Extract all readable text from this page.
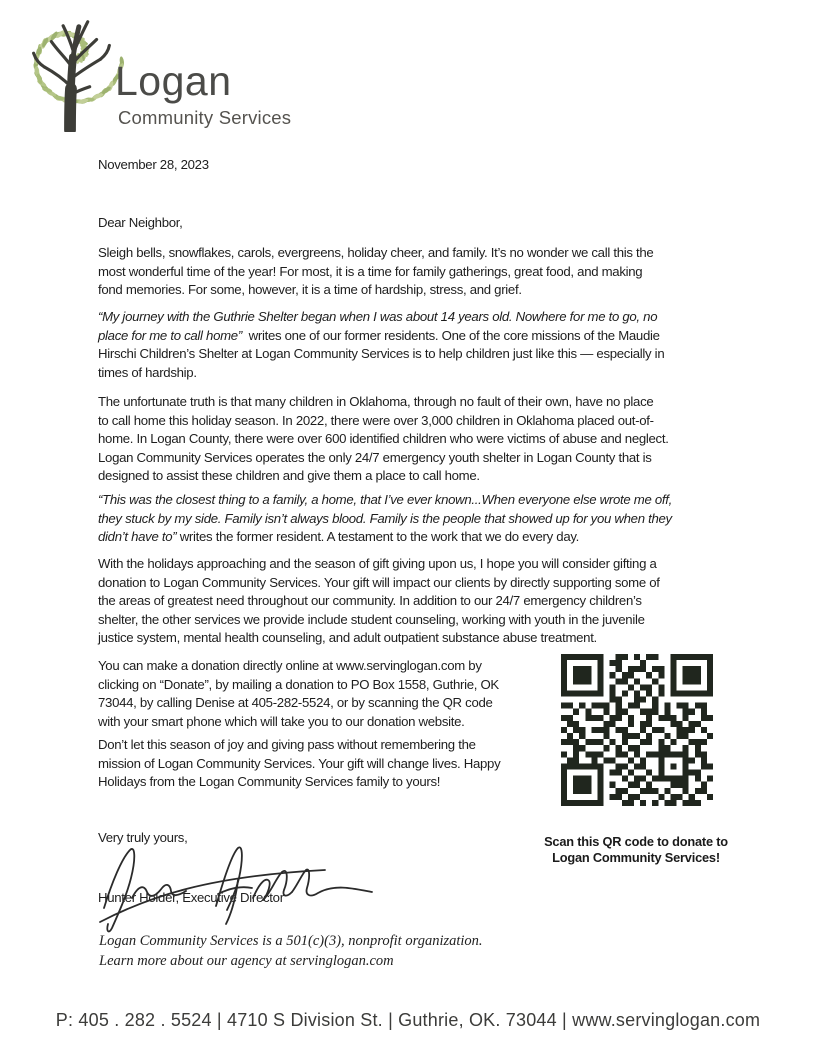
Logan
Community Services
November 28, 2023
Dear Neighbor,
Sleigh bells, snowflakes, carols, evergreens, holiday cheer, and family. It’s no wonder we call this the
most wonderful time of the year! For most, it is a time for family gatherings, great food, and making
fond memories. For some, however, it is a time of hardship, stress, and grief.
“My journey with the Guthrie Shelter began when I was about 14 years old. Nowhere for me to go, no
place for me to call home”  writes one of our former residents. One of the core missions of the Maudie
Hirschi Children’s Shelter at Logan Community Services is to help children just like this — especially in
times of hardship.
The unfortunate truth is that many children in Oklahoma, through no fault of their own, have no place
to call home this holiday season. In 2022, there were over 3,000 children in Oklahoma placed out-of-
home. In Logan County, there were over 600 identified children who were victims of abuse and neglect.
Logan Community Services operates the only 24/7 emergency youth shelter in Logan County that is
designed to assist these children and give them a place to call home.
“This was the closest thing to a family, a home, that I’ve ever known...When everyone else wrote me off,
they stuck by my side. Family isn’t always blood. Family is the people that showed up for you when they
didn’t have to” writes the former resident. A testament to the work that we do every day.
With the holidays approaching and the season of gift giving upon us, I hope you will consider gifting a
donation to Logan Community Services. Your gift will impact our clients by directly supporting some of
the areas of greatest need throughout our community. In addition to our 24/7 emergency children’s
shelter, the other services we provide include student counseling, working with youth in the juvenile
justice system, mental health counseling, and adult outpatient substance abuse treatment.
You can make a donation directly online at www.servinglogan.com by
clicking on “Donate”, by mailing a donation to PO Box 1558, Guthrie, OK
73044, by calling Denise at 405-282-5524, or by scanning the QR code
with your smart phone which will take you to our donation website.
Don’t let this season of joy and giving pass without remembering the
mission of Logan Community Services. Your gift will change lives. Happy
Holidays from the Logan Community Services family to yours!
Scan this QR code to donate to
Logan Community Services!
Very truly yours,
Hunter Holder, Executive Director
Logan Community Services is a 501(c)(3), nonprofit organization.
Learn more about our agency at servinglogan.com
P: 405 . 282 . 5524 | 4710 S Division St. | Guthrie, OK. 73044 | www.servinglogan.com
